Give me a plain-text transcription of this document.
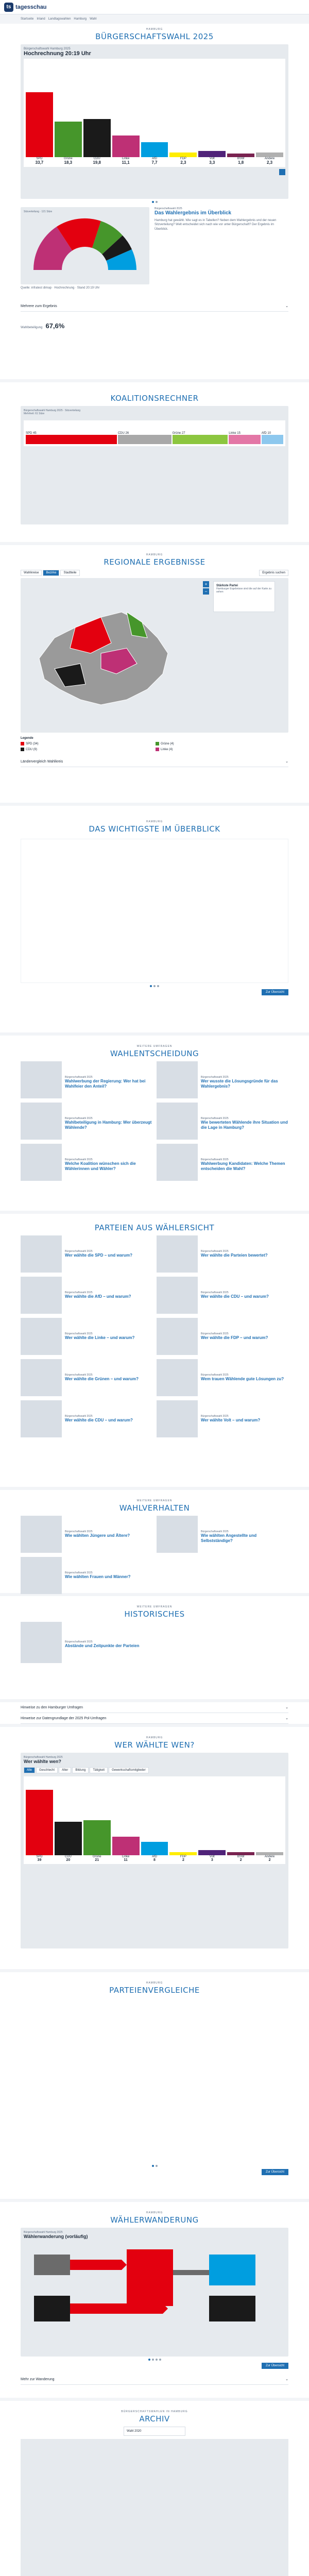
ts tagesschau
Startseite Inland Landtagswahlen Hamburg Wahl
HAMBURG
BÜRGERSCHAFTSWAHL 2025
Bürgerschaftswahl Hamburg 2025
Hochrechnung 20:19 Uhr
SPD
33,7
Grüne
18,3
CDU
19,8
Linke
11,1
AfD
7,7
FDP
2,3
Volt
3,3
BSW
1,8
Andere
2,3
Sitzverteilung · 121 Sitze
Bürgerschaftswahl 2025
Das Wahlergebnis im Überblick
Hamburg hat gewählt. Wie sagt es in Tabellen? Neben dem Wahlergebnis und der neuen Sitzverteilung? Welt entscheidet sich nach wie vor unter Bürgerschaft? Der Ergebnis im Überblick.
Quelle: infratest dimap · Hochrechnung · Stand 20:19 Uhr
Mehrere zum Ergebnis	⌄
Wahlbeteiligung 67,6%
KOALITIONSRECHNER
Bürgerschaftswahl Hamburg 2025 · Sitzverteilung
Mehrheit: 61 Sitze
SPD 45	CDU 26	Grüne 27	Linke 15	AfD 10
HAMBURG
REGIONALE ERGEBNISSE
Wahlkreise	Bezirke	Stadtteile	Ergebnis suchen
+
−
Stärkste Partei
Hamburger Ergebnisse sind die auf der Karte zu sehen
Legende
SPD (34)	Grüne (4)
CDU (9)	Linke (4)
Ländervergleich Wahlkreis	⌄
HAMBURG
DAS WICHTIGSTE IM ÜBERBLICK
Zur Übersicht
WEITERE UMFRAGEN
WAHLENTSCHEIDUNG
Bürgerschaftswahl 2025
Wahlwerbung der Regierung: Wer hat bei Wahlfeier den Anteil?
Bürgerschaftswahl 2025
Wer wusste die Lösungsgründe für das Wahlergebnis?
Bürgerschaftswahl 2025
Wahlbeteiligung in Hamburg: Wer überzeugt Wählende?
Bürgerschaftswahl 2025
Wie bewerteten Wählende ihre Situation und die Lage in Hamburg?
Bürgerschaftswahl 2025
Welche Koalition wünschen sich die Wählerinnen und Wähler?
Bürgerschaftswahl 2025
Wahlwerbung Kandidaten: Welche Themen entscheiden die Wahl?
PARTEIEN AUS WÄHLERSICHT
Bürgerschaftswahl 2025
Wer wählte die SPD – und warum?
Bürgerschaftswahl 2025
Wer wählte die Parteien bewertet?
Bürgerschaftswahl 2025
Wer wählte die AfD – und warum?
Bürgerschaftswahl 2025
Wer wählte die CDU – und warum?
Bürgerschaftswahl 2025
Wer wählte die Linke – und warum?
Bürgerschaftswahl 2025
Wer wählte die FDP – und warum?
Bürgerschaftswahl 2025
Wer wählte die Grünen – und warum?
Bürgerschaftswahl 2025
Wem trauen Wählende gute Lösungen zu?
Bürgerschaftswahl 2025
Wer wählte die CDU – und warum?
Bürgerschaftswahl 2025
Wer wählte Volt – und warum?
WEITERE UMFRAGEN
WAHLVERHALTEN
Bürgerschaftswahl 2025
Wie wählten Jüngere und Ältere?
Bürgerschaftswahl 2025
Wie wählten Angestellte und Selbstständige?
Bürgerschaftswahl 2025
Wie wählten Frauen und Männer?
WEITERE UMFRAGEN
HISTORISCHES
Bürgerschaftswahl 2025
Abstände und Zeitpunkte der Parteien
Hinweise zu den Hamburger Umfragen	⌄
Hinweise zur Datengrundlage der 2025 Pol-Umfragen	⌄
HAMBURG
WER WÄHLTE WEN?
Bürgerschaftswahl Hamburg 2025
Wer wählte wen?
Alle	Geschlecht	Alter	Bildung	Tätigkeit	Gewerkschaftsmitglieder
SPD
39
CDU
20
Grüne
21
Linke
11
AfD
8
FDP
2
Volt
3
BSW
2
Andere
2
HAMBURG
PARTEIENVERGLEICHE
Zur Übersicht
HAMBURG
WÄHLERWANDERUNG
Bürgerschaftswahl Hamburg 2025
Wählerwanderung (vorläufig)
Zur Übersicht
Mehr zur Wanderung	⌄
BÜRGERSCHAFTSWAHLEN IN HAMBURG
ARCHIV
Wahl 2020
